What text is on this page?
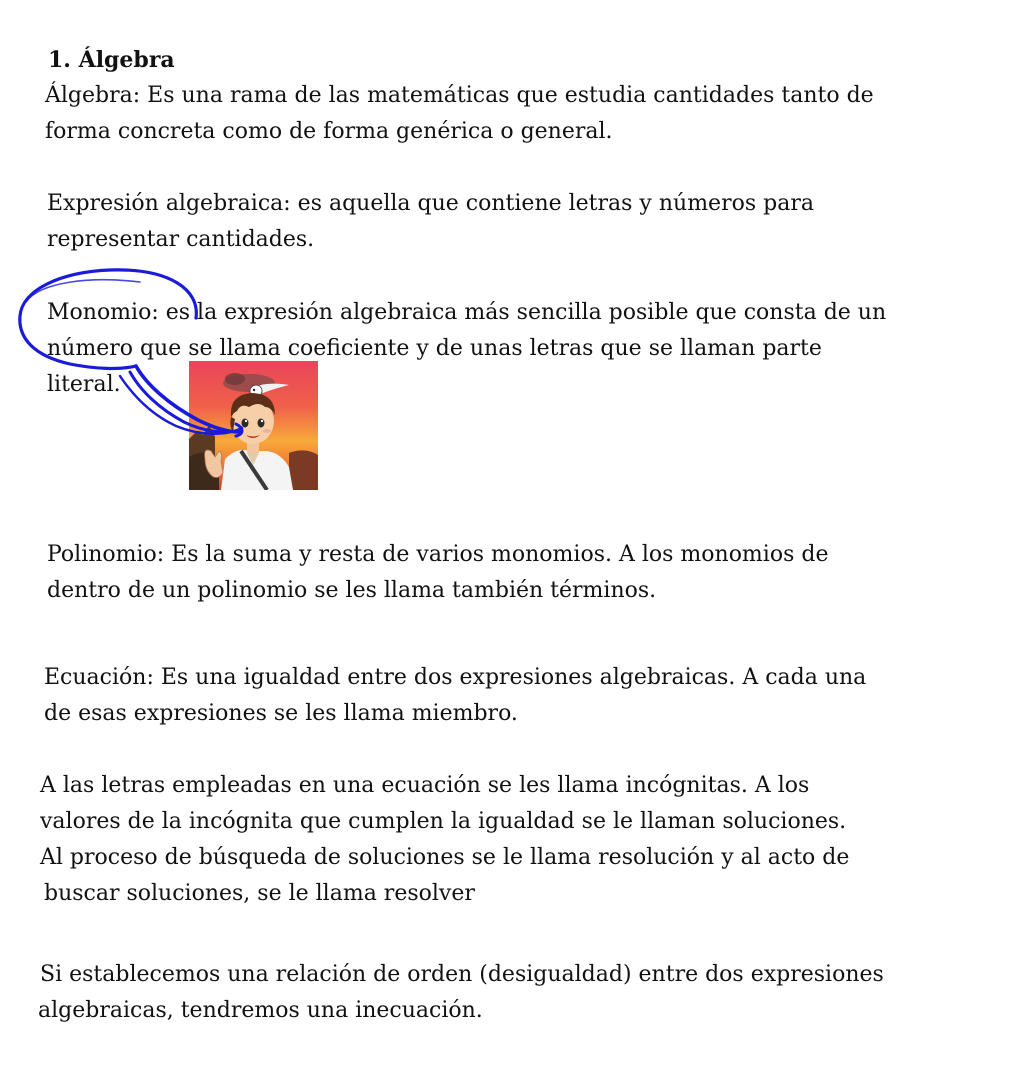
1. Álgebra

Álgebra: Es una rama de las matemáticas que estudia cantidades tanto de

forma concreta como de forma genérica o general.

Expresión algebraica: es aquella que contiene letras y números para

representar cantidades.

Monomio: es la expresión algebraica más sencilla posible que consta de un

número que se llama coeficiente y de unas letras que se llaman parte

literal.

Polinomio: Es la suma y resta de varios monomios. A los monomios de

dentro de un polinomio se les llama también términos.

Ecuación: Es una igualdad entre dos expresiones algebraicas. A cada una

de esas expresiones se les llama miembro.

A las letras empleadas en una ecuación se les llama incógnitas. A los

valores de la incógnita que cumplen la igualdad se le llaman soluciones.

Al proceso de búsqueda de soluciones se le llama resolución y al acto de

buscar soluciones, se le llama resolver

Si establecemos una relación de orden (desigualdad) entre dos expresiones

algebraicas, tendremos una inecuación.
